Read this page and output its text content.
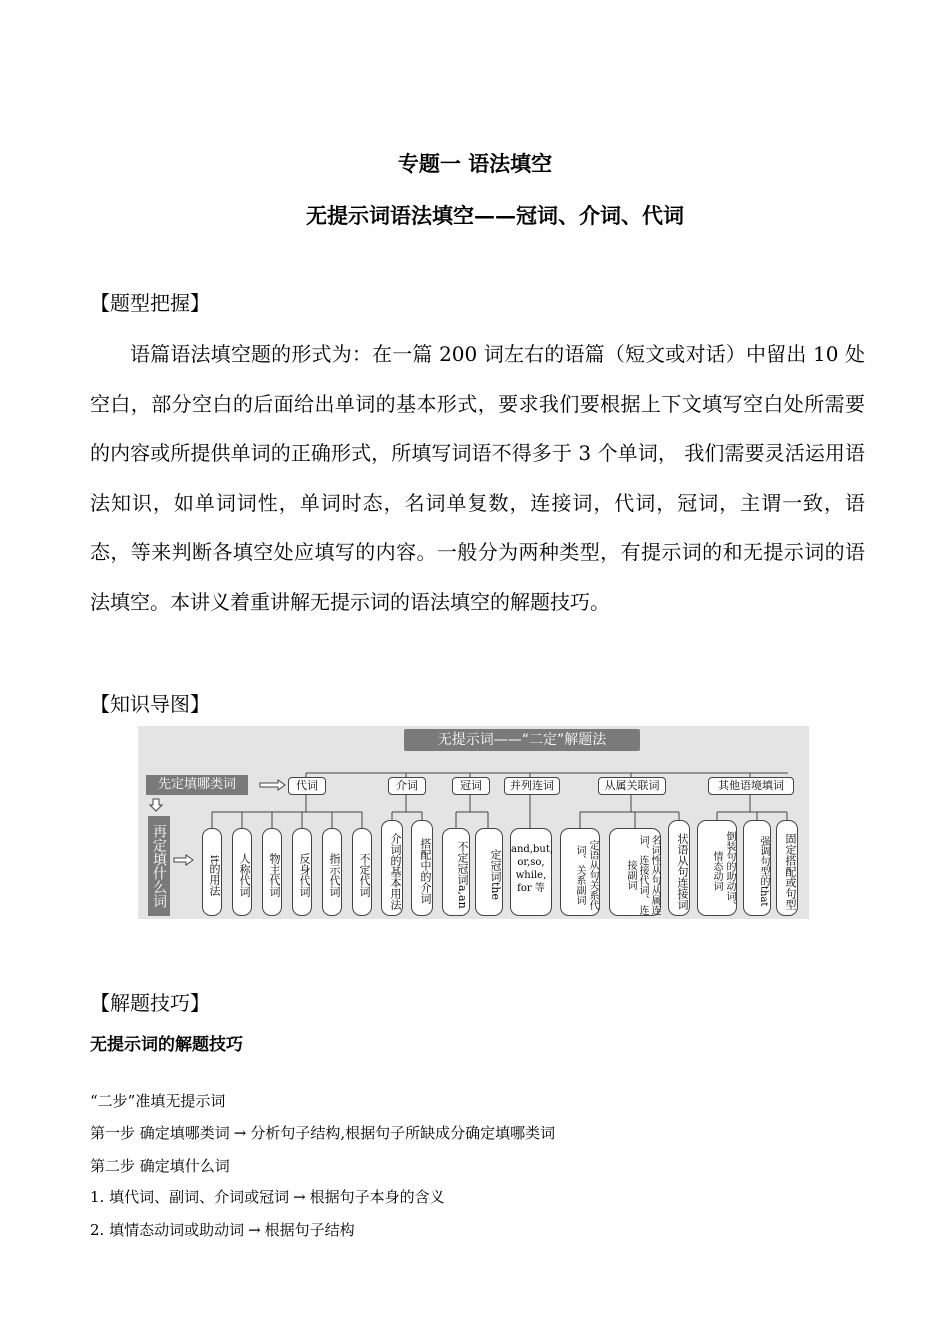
专题一 语法填空
无提示词语法填空——冠词、介词、代词
【题型把握】
语篇语法填空题的形式为：在一篇 200 词左右的语篇（短文或对话）中留出 10 处空白，部分空白的后面给出单词的基本形式，要求我们要根据上下文填写空白处所需要的内容或所提供单词的正确形式，所填写词语不得多于 3 个单词， 我们需要灵活运用语法知识，如单词词性，单词时态，名词单复数，连接词，代词，冠词，主谓一致，语态，等来判断各填空处应填写的内容。一般分为两种类型，有提示词的和无提示词的语法填空。本讲义着重讲解无提示词的语法填空的解题技巧。
【知识导图】
无提示词——“二定”解题法
先定填哪类词
再定填什么词
代词	介词	冠词	并列连词	从属关联词	其他语境填词
it的用法	人称代词	物主代词	反身代词	指示代词	不定代词	介词的基本用法	搭配中的介词	不定冠词a,an	定冠词the and,but, or,so, while, for 等	定语从句关系代词、关系副词	名词性从句从属连词、连接代词、连接副词	状语从句连接词	倒装句的助动词、情态动词	强调句型的that	固定搭配或句型
【解题技巧】
无提示词的解题技巧
“二步”准填无提示词
第一步 确定填哪类词 → 分析句子结构,根据句子所缺成分确定填哪类词
第二步 确定填什么词
1. 填代词、副词、介词或冠词 → 根据句子本身的含义
2. 填情态动词或助动词 → 根据句子结构
